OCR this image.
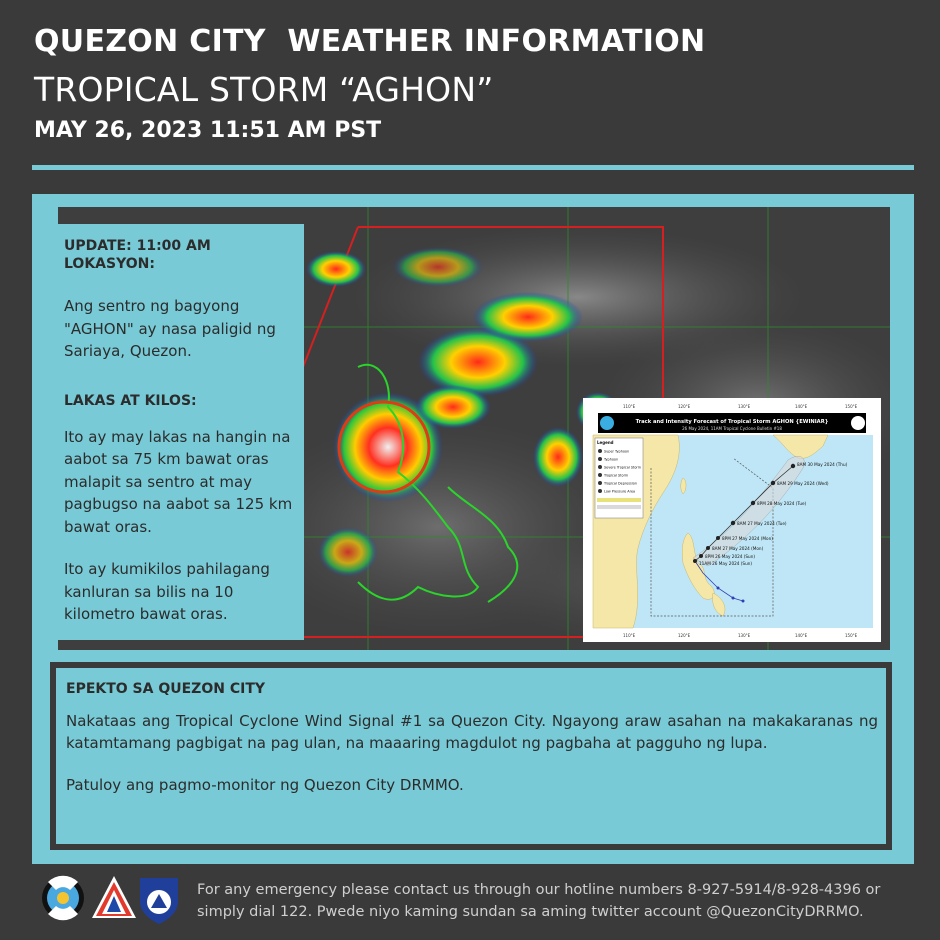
QUEZON CITY  WEATHER INFORMATION
TROPICAL STORM “AGHON”
MAY 26, 2023 11:51 AM PST
UPDATE: 11:00 AM
LOKASYON:
Ang sentro ng bagyong "AGHON" ay nasa paligid ng Sariaya, Quezon.
LAKAS AT KILOS:
Ito ay may lakas na hangin na aabot sa 75 km bawat oras malapit sa sentro at may pagbugso na aabot sa 125 km bawat oras.
Ito ay kumikilos pahilagang kanluran sa bilis na 10 kilometro bawat oras.
110°E	120°E	130°E	140°E	150°E
110°E	120°E	130°E	140°E	150°E
Track and Intensity Forecast of Tropical Storm AGHON {EWINIAR}
26 May 2024, 11AM Tropical Cyclone Bulletin #18
8AM 30 May 2024 (Thu)
8AM 29 May 2024 (Wed)
8PM 28 May 2024 (Tue)
8AM 27 May 2024 (Tue)
8PM 27 May 2024 (Mon)
8AM 27 May 2024 (Mon)
8PM 26 May 2024 (Sun)
11AM 26 May 2024 (Sun)
Legend
Super Typhoon
Typhoon
Severe Tropical Storm
Tropical Storm
Tropical Depression
Low Pressure Area
EPEKTO SA QUEZON CITY
Nakataas ang Tropical Cyclone Wind Signal #1 sa Quezon City. Ngayong araw asahan na makakaranas ng katamtamang pagbigat na pag ulan, na maaaring magdulot ng pagbaha at pagguho ng lupa.
Patuloy ang pagmo-monitor ng Quezon City DRMMO.
For any emergency please contact us through our hotline numbers 8-927-5914/8-928-4396 or simply dial 122. Pwede niyo kaming sundan sa aming twitter account @QuezonCityDRRMO.
